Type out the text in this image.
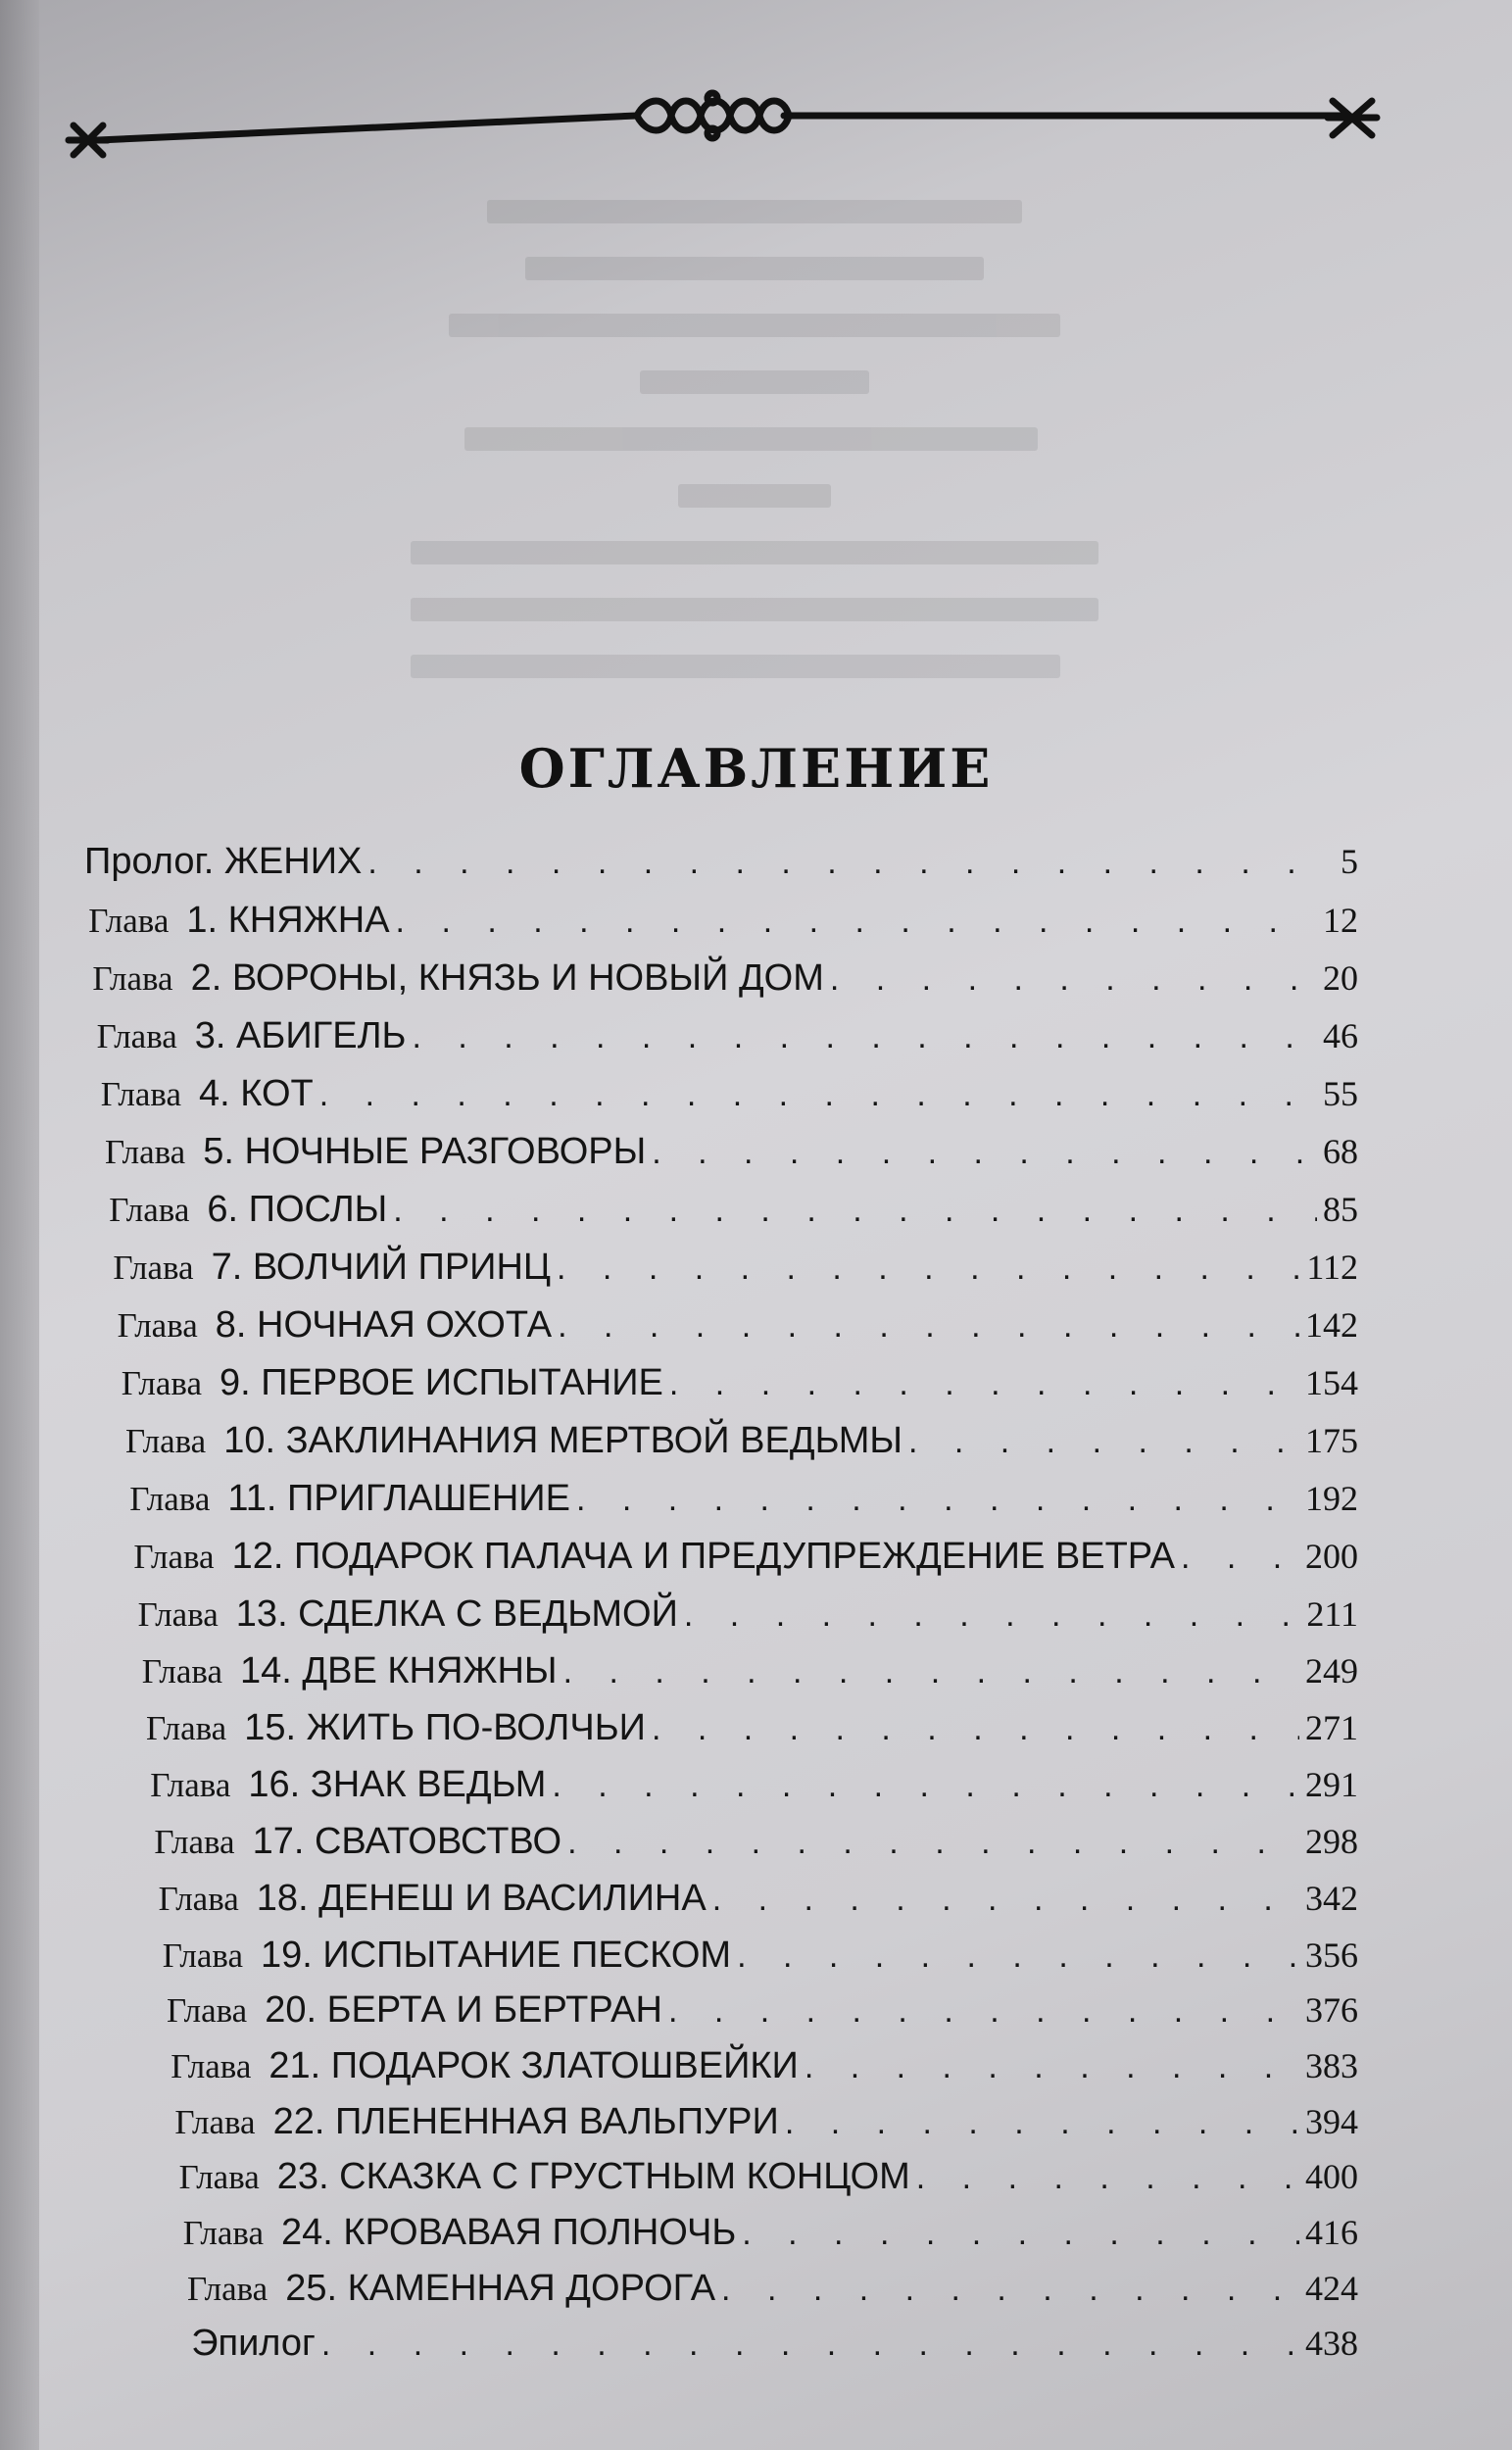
ОГЛАВЛЕНИЕ
Пролог. ЖЕНИХ . . .	5
Глава 1. КНЯЖНА . . .	12
Глава 2. ВОРОНЫ, КНЯЗЬ И НОВЫЙ ДОМ . . .	20
Глава 3. АБИГЕЛЬ . . .	46
Глава 4. КОТ . . .	55
Глава 5. НОЧНЫЕ РАЗГОВОРЫ . . .	68
Глава 6. ПОСЛЫ . . .	85
Глава 7. ВОЛЧИЙ ПРИНЦ . . .	112
Глава 8. НОЧНАЯ ОХОТА . . .	142
Глава 9. ПЕРВОЕ ИСПЫТАНИЕ . . .	154
Глава 10. ЗАКЛИНАНИЯ МЕРТВОЙ ВЕДЬМЫ . . .	175
Глава 11. ПРИГЛАШЕНИЕ . . .	192
Глава 12. ПОДАРОК ПАЛАЧА И ПРЕДУПРЕЖДЕНИЕ ВЕТРА . . .	200
Глава 13. СДЕЛКА С ВЕДЬМОЙ . . .	211
Глава 14. ДВЕ КНЯЖНЫ . . .	249
Глава 15. ЖИТЬ ПО-ВОЛЧЬИ . . .	271
Глава 16. ЗНАК ВЕДЬМ . . .	291
Глава 17. СВАТОВСТВО . . .	298
Глава 18. ДЕНЕШ И ВАСИЛИНА . . .	342
Глава 19. ИСПЫТАНИЕ ПЕСКОМ . . .	356
Глава 20. БЕРТА И БЕРТРАН . . .	376
Глава 21. ПОДАРОК ЗЛАТОШВЕЙКИ . . .	383
Глава 22. ПЛЕНЕННАЯ ВАЛЬПУРИ . . .	394
Глава 23. СКАЗКА С ГРУСТНЫМ КОНЦОМ . . .	400
Глава 24. КРОВАВАЯ ПОЛНОЧЬ . . .	416
Глава 25. КАМЕННАЯ ДОРОГА . . .	424
Эпилог . . .	438
